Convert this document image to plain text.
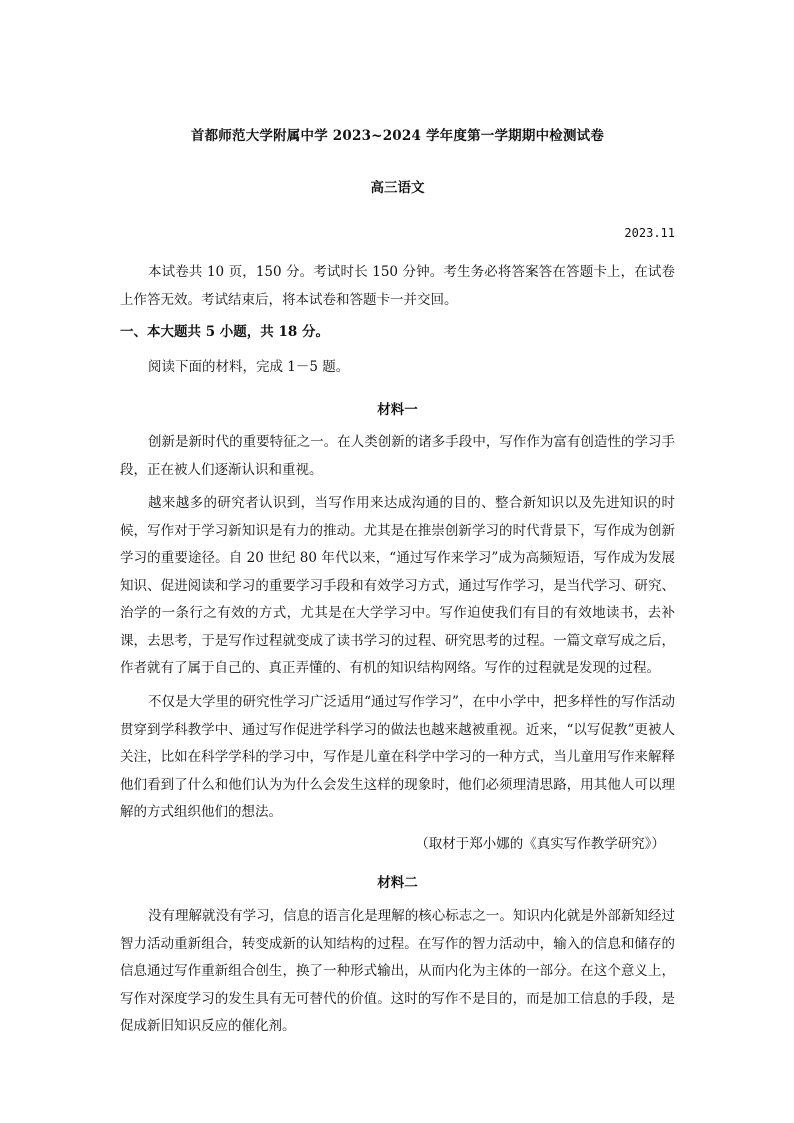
首都师范大学附属中学 2023~2024 学年度第一学期期中检测试卷
高三语文
2023.11

本试卷共 10 页，150 分。考试时长 150 分钟。考生务必将答案答在答题卡上，在试卷上作答无效。考试结束后，将本试卷和答题卡一并交回。

一、本大题共 5 小题，共 18 分。

阅读下面的材料，完成 1－5 题。

材料一

创新是新时代的重要特征之一。在人类创新的诸多手段中，写作作为富有创造性的学习手段，正在被人们逐渐认识和重视。

越来越多的研究者认识到，当写作用来达成沟通的目的、整合新知识以及先进知识的时候，写作对于学习新知识是有力的推动。尤其是在推崇创新学习的时代背景下，写作成为创新学习的重要途径。自 20 世纪 80 年代以来，“通过写作来学习”成为高频短语，写作成为发展知识、促进阅读和学习的重要学习手段和有效学习方式，通过写作学习，是当代学习、研究、治学的一条行之有效的方式，尤其是在大学学习中。写作迫使我们有目的有效地读书，去补课，去思考，于是写作过程就变成了读书学习的过程、研究思考的过程。一篇文章写成之后，作者就有了属于自己的、真正弄懂的、有机的知识结构网络。写作的过程就是发现的过程。

不仅是大学里的研究性学习广泛适用“通过写作学习”，在中小学中，把多样性的写作活动贯穿到学科教学中、通过写作促进学科学习的做法也越来越被重视。近来，“以写促教”更被人关注，比如在科学学科的学习中，写作是儿童在科学中学习的一种方式，当儿童用写作来解释他们看到了什么和他们认为为什么会发生这样的现象时，他们必须理清思路，用其他人可以理解的方式组织他们的想法。

（取材于郑小娜的《真实写作教学研究》）
材料二

没有理解就没有学习，信息的语言化是理解的核心标志之一。知识内化就是外部新知经过智力活动重新组合，转变成新的认知结构的过程。在写作的智力活动中，输入的信息和储存的信息通过写作重新组合创生，换了一种形式输出，从而内化为主体的一部分。在这个意义上，写作对深度学习的发生具有无可替代的价值。这时的写作不是目的，而是加工信息的手段，是促成新旧知识反应的催化剂。
